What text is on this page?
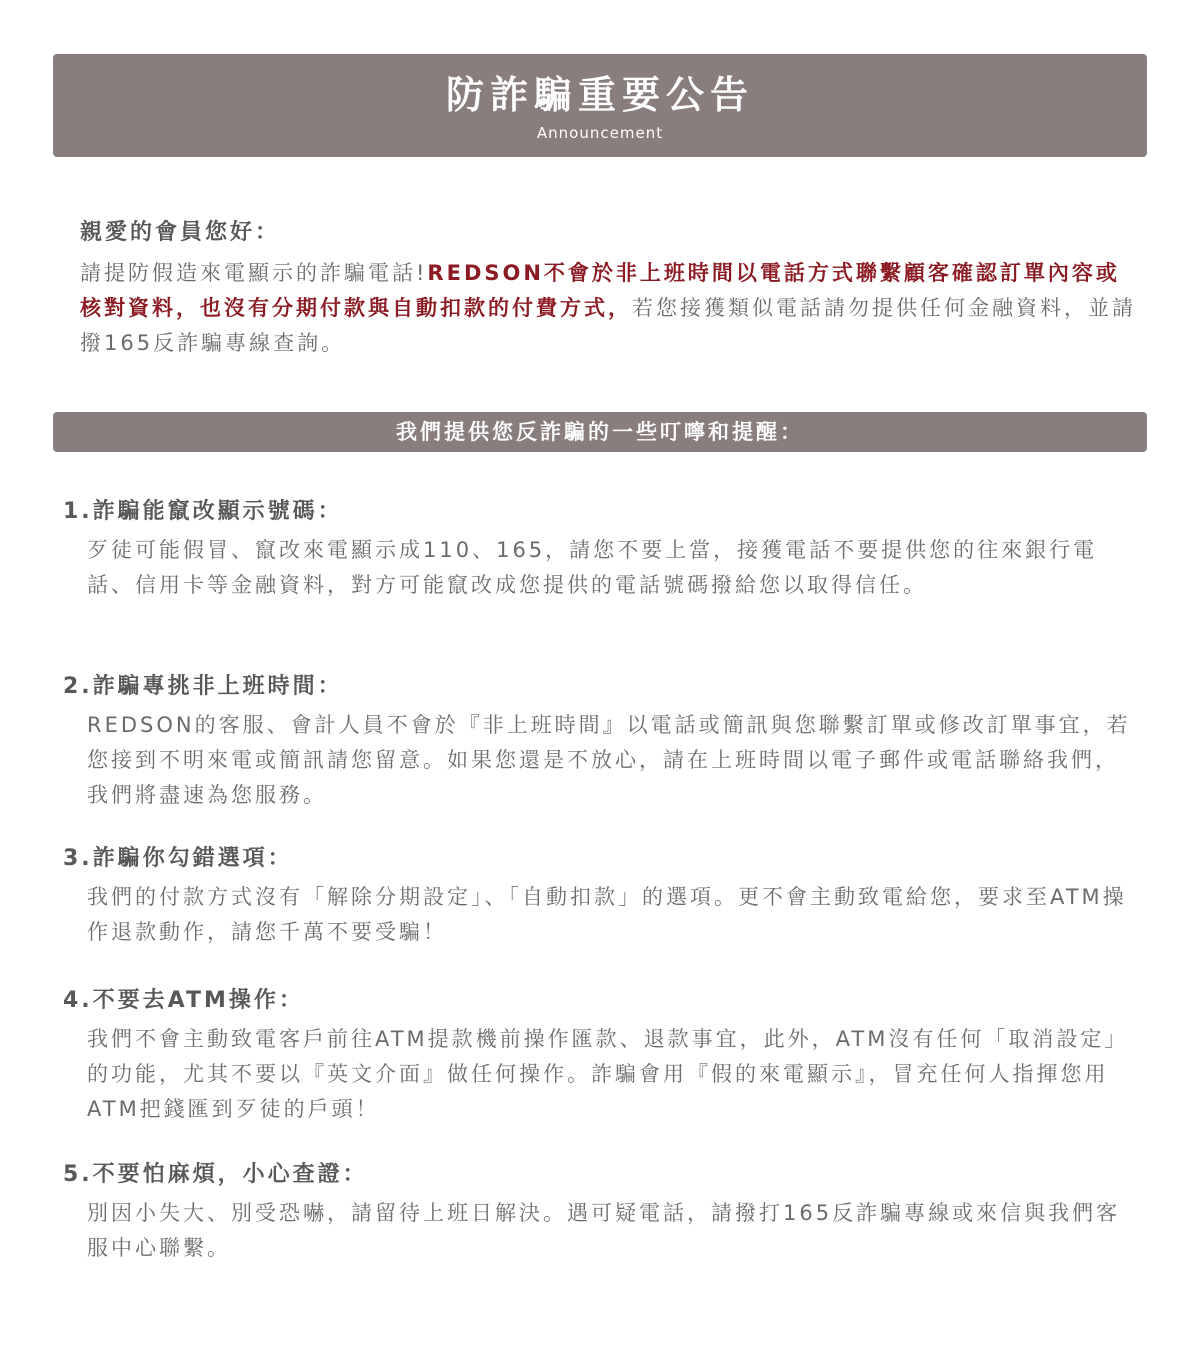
防詐騙重要公告
Announcement
親愛的會員您好：
請提防假造來電顯示的詐騙電話!REDSON不會於非上班時間以電話方式聯繫顧客確認訂單內容或核對資料，也沒有分期付款與自動扣款的付費方式，若您接獲類似電話請勿提供任何金融資料，並請撥165反詐騙專線查詢。
我們提供您反詐騙的一些叮嚀和提醒：
1.詐騙能竄改顯示號碼：
歹徒可能假冒、竄改來電顯示成110、165，請您不要上當，接獲電話不要提供您的往來銀行電話、信用卡等金融資料，對方可能竄改成您提供的電話號碼撥給您以取得信任。
2.詐騙專挑非上班時間：
REDSON的客服、會計人員不會於『非上班時間』以電話或簡訊與您聯繫訂單或修改訂單事宜，若您接到不明來電或簡訊請您留意。如果您還是不放心，請在上班時間以電子郵件或電話聯絡我們，我們將盡速為您服務。
3.詐騙你勾錯選項：
我們的付款方式沒有「解除分期設定」、「自動扣款」的選項。更不會主動致電給您，要求至ATM操作退款動作，請您千萬不要受騙！
4.不要去ATM操作：
我們不會主動致電客戶前往ATM提款機前操作匯款、退款事宜，此外，ATM沒有任何「取消設定」的功能，尤其不要以『英文介面』做任何操作。詐騙會用『假的來電顯示』，冒充任何人指揮您用ATM把錢匯到歹徒的戶頭！
5.不要怕麻煩，小心查證：
別因小失大、別受恐嚇，請留待上班日解決。遇可疑電話，請撥打165反詐騙專線或來信與我們客服中心聯繫。
